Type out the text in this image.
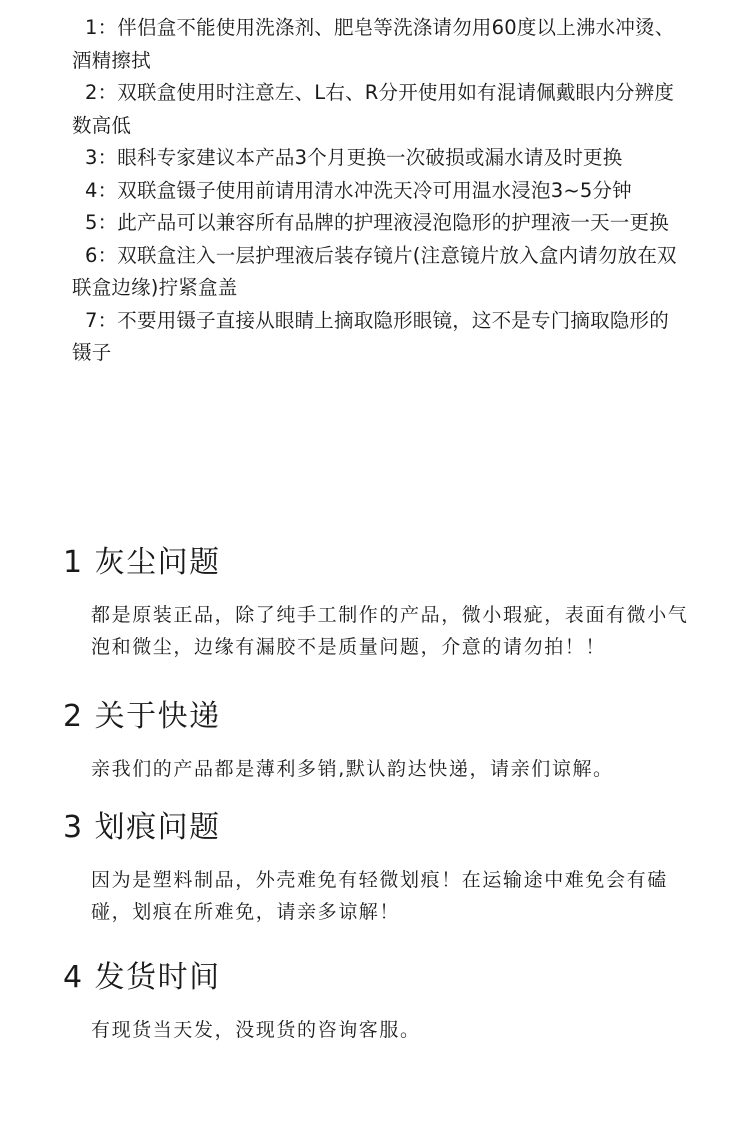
1：伴侣盒不能使用洗涤剂、肥皂等洗涤请勿用60度以上沸水冲烫、酒精擦拭
2：双联盒使用时注意左、L右、R分开使用如有混请佩戴眼内分辨度数高低
3：眼科专家建议本产品3个月更换一次破损或漏水请及时更换
4：双联盒镊子使用前请用清水冲洗天冷可用温水浸泡3~5分钟
5：此产品可以兼容所有品牌的护理液浸泡隐形的护理液一天一更换
6：双联盒注入一层护理液后装存镜片(注意镜片放入盒内请勿放在双联盒边缘)拧紧盒盖
7：不要用镊子直接从眼睛上摘取隐形眼镜，这不是专门摘取隐形的镊子
1 灰尘问题
都是原装正品，除了纯手工制作的产品，微小瑕疵，表面有微小气泡和微尘，边缘有漏胶不是质量问题，介意的请勿拍！！
2 关于快递
亲我们的产品都是薄利多销,默认韵达快递，请亲们谅解。
3 划痕问题
因为是塑料制品，外壳难免有轻微划痕！在运输途中难免会有磕碰，划痕在所难免，请亲多谅解！
4 发货时间
有现货当天发，没现货的咨询客服。
